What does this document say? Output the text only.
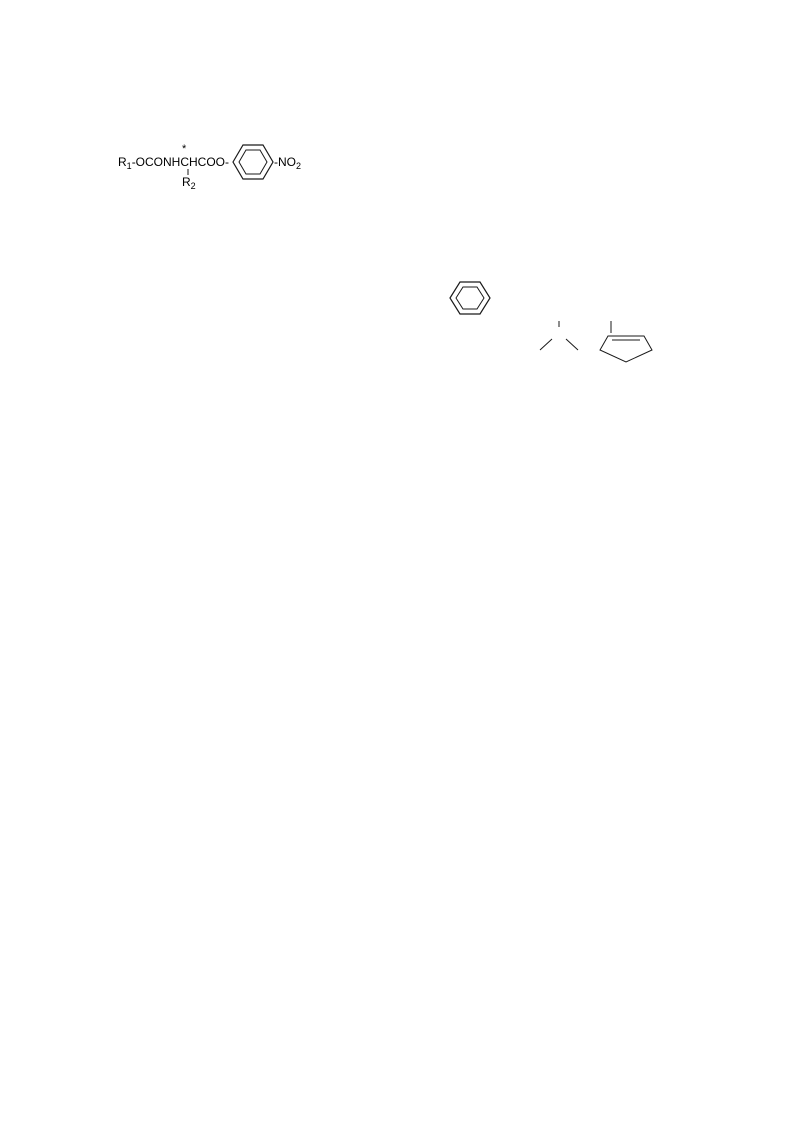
$R_1-OCONHCHCOO-$
*
$R_2$
$-NO_2$
